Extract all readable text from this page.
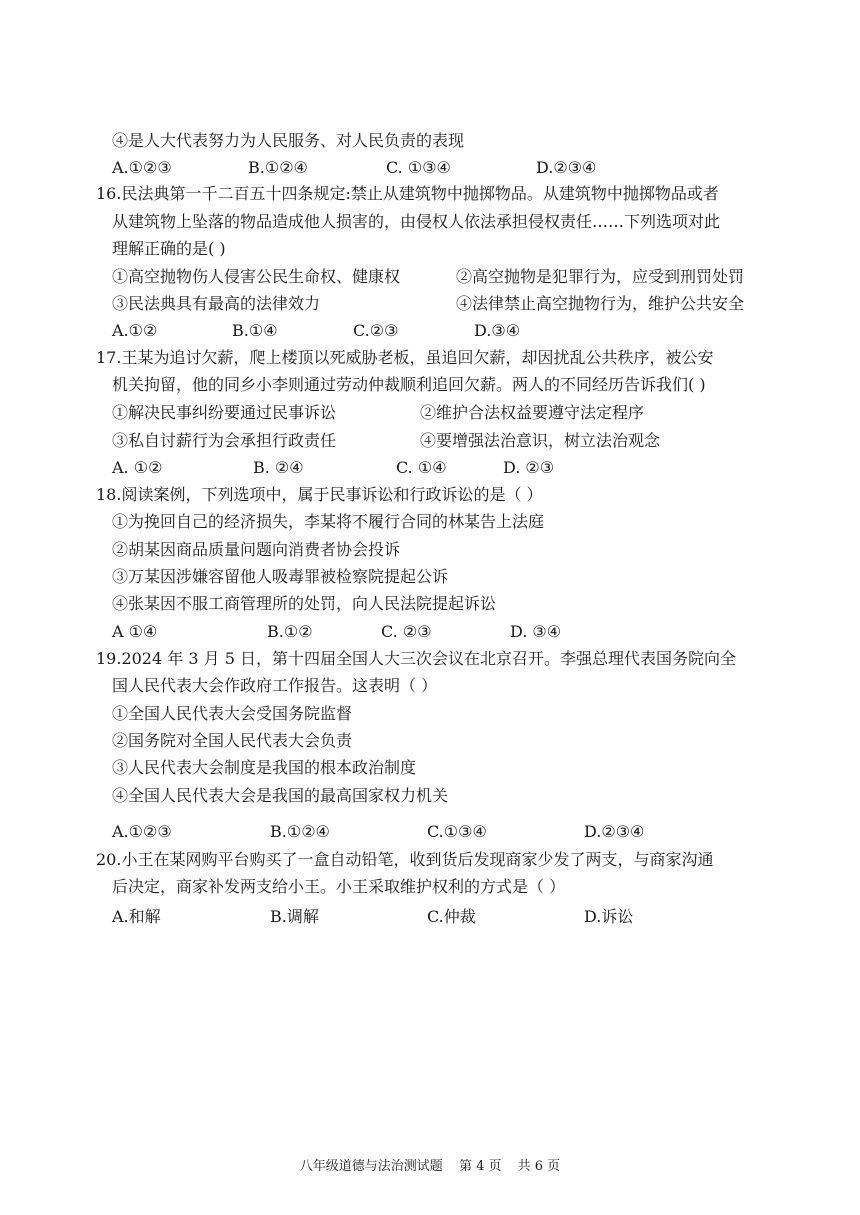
④是人大代表努力为人民服务、对人民负责的表现
A.①②③	B.①②④	C. ①③④	D.②③④
16.民法典第一千二百五十四条规定:禁止从建筑物中抛掷物品。从建筑物中抛掷物品或者
从建筑物上坠落的物品造成他人损害的，由侵权人依法承担侵权责任……下列选项对此
理解正确的是( )
①高空抛物伤人侵害公民生命权、健康权	②高空抛物是犯罪行为，应受到刑罚处罚
③民法典具有最高的法律效力	④法律禁止高空抛物行为，维护公共安全
A.①②	B.①④	C.②③	D.③④
17.王某为追讨欠薪，爬上楼顶以死威胁老板，虽追回欠薪，却因扰乱公共秩序，被公安
机关拘留，他的同乡小李则通过劳动仲裁顺利追回欠薪。两人的不同经历告诉我们( )
①解决民事纠纷要通过民事诉讼	②维护合法权益要遵守法定程序
③私自讨薪行为会承担行政责任	④要增强法治意识，树立法治观念
A. ①②	B. ②④	C. ①④	D. ②③
18.阅读案例，下列选项中，属于民事诉讼和行政诉讼的是（ ）
①为挽回自己的经济损失，李某将不履行合同的林某告上法庭
②胡某因商品质量问题向消费者协会投诉
③万某因涉嫌容留他人吸毒罪被检察院提起公诉
④张某因不服工商管理所的处罚，向人民法院提起诉讼
A ①④	B.①②	C. ②③	D. ③④
19.2024 年 3 月 5 日，第十四届全国人大三次会议在北京召开。李强总理代表国务院向全
国人民代表大会作政府工作报告。这表明（ ）
①全国人民代表大会受国务院监督
②国务院对全国人民代表大会负责
③人民代表大会制度是我国的根本政治制度
④全国人民代表大会是我国的最高国家权力机关
A.①②③	B.①②④	C.①③④	D.②③④
20.小王在某网购平台购买了一盒自动铅笔，收到货后发现商家少发了两支，与商家沟通
后决定，商家补发两支给小王。小王采取维护权利的方式是（ ）
A.和解	B.调解	C.仲裁	D.诉讼
八年级道德与法治测试题 第 4 页 共 6 页
